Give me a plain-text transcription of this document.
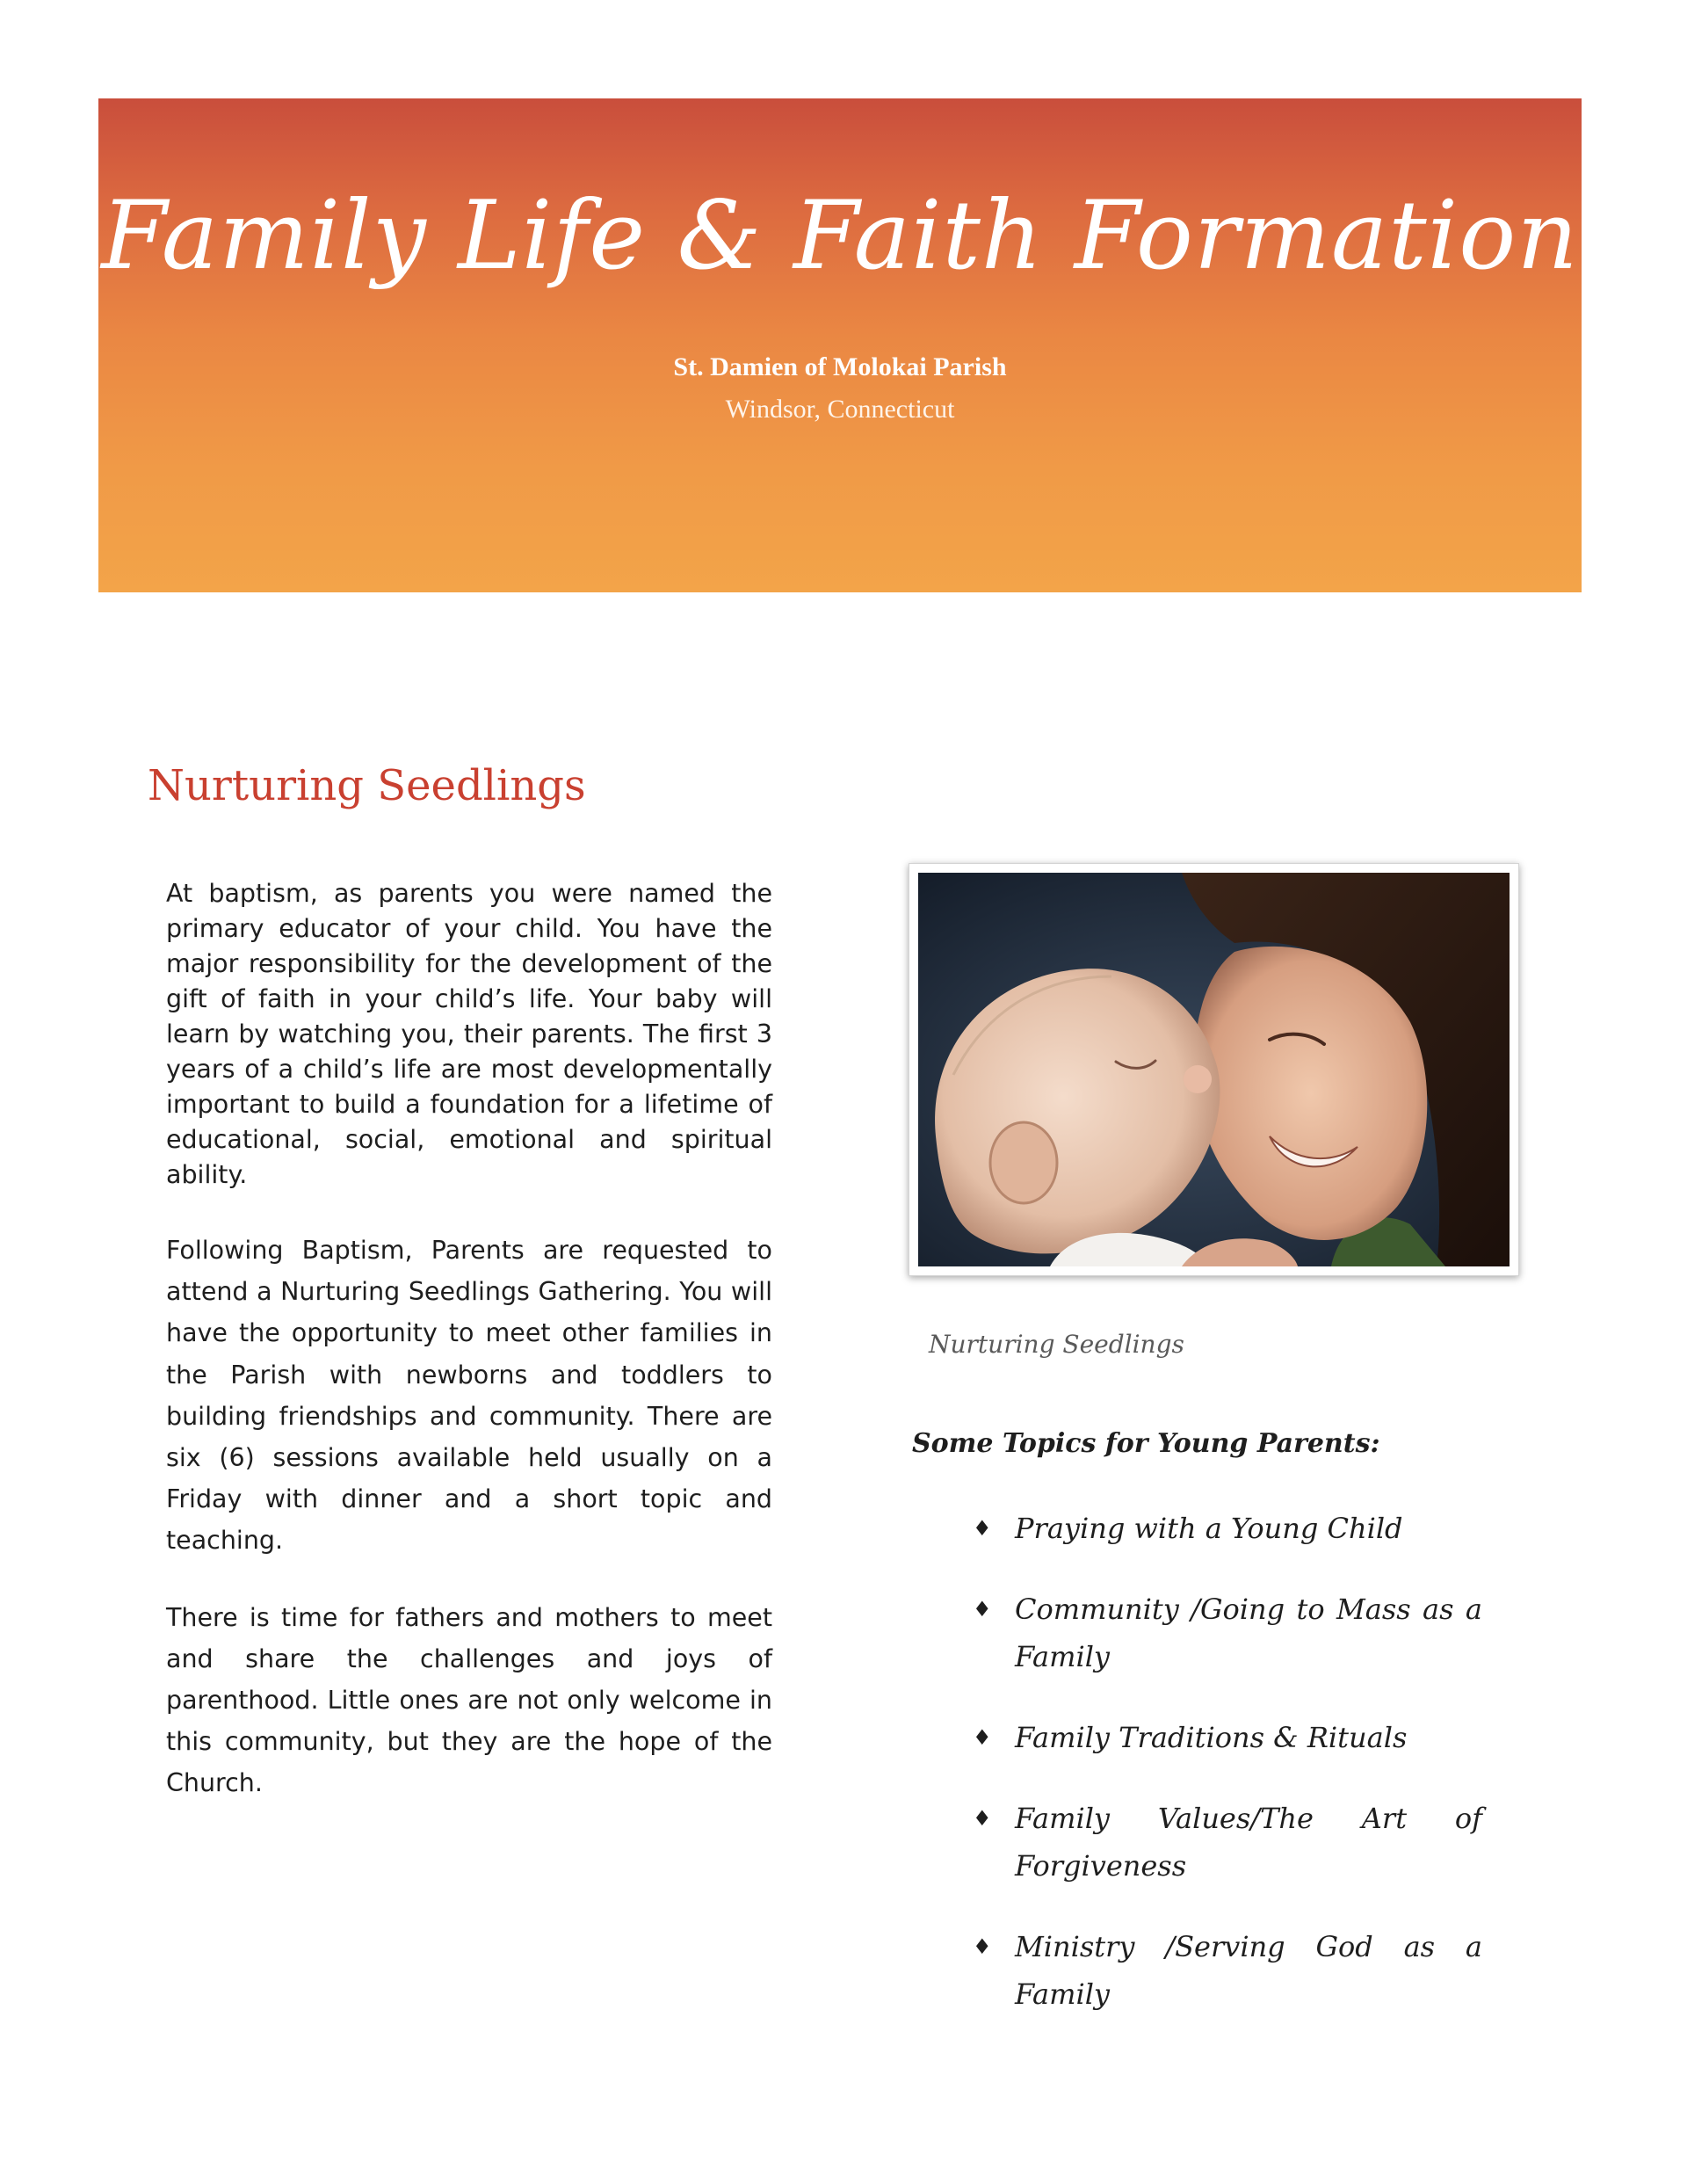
Family Life & Faith Formation
St. Damien of Molokai Parish
Windsor, Connecticut
Nurturing Seedlings

At baptism, as parents you were named the primary educator of your child. You have the major responsibility for the development of the gift of faith in your child’s life. Your baby will learn by watching you, their parents. The first 3 years of a child’s life are most developmentally important to build a foundation for a lifetime of educational, social, emotional and spiritual ability.

Following Baptism, Parents are requested to attend a Nurturing Seedlings Gathering. You will have the opportunity to meet other families in the Parish with newborns and toddlers to building friendships and community. There are six (6) sessions available held usually on a Friday with dinner and a short topic and teaching.

There is time for fathers and mothers to meet and share the challenges and joys of parenthood. Little ones are not only welcome in this community, but they are the hope of the Church.

Nurturing Seedlings
Some Topics for Young Parents:
♦ Praying with a Young Child
♦ Community /Going to Mass as a Family
♦ Family Traditions & Rituals
♦ Family Values/The Art of Forgiveness
♦ Ministry /Serving God as a Family
